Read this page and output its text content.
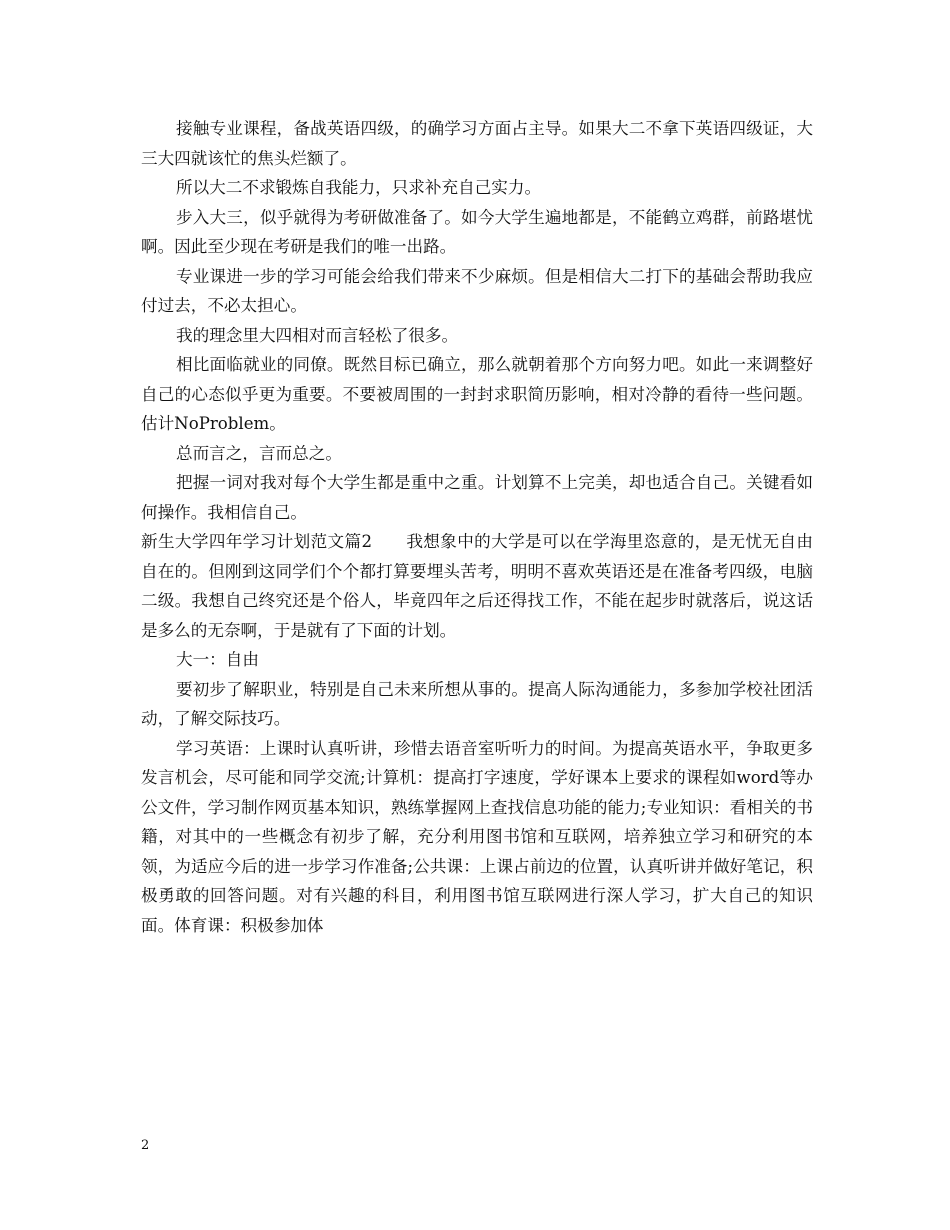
接触专业课程，备战英语四级，的确学习方面占主导。如果大二不拿下英语四级证，大三大四就该忙的焦头烂额了。

所以大二不求锻炼自我能力，只求补充自己实力。

步入大三，似乎就得为考研做准备了。如今大学生遍地都是，不能鹤立鸡群，前路堪忧啊。因此至少现在考研是我们的唯一出路。

专业课进一步的学习可能会给我们带来不少麻烦。但是相信大二打下的基础会帮助我应付过去，不必太担心。

我的理念里大四相对而言轻松了很多。

相比面临就业的同僚。既然目标已确立，那么就朝着那个方向努力吧。如此一来调整好自己的心态似乎更为重要。不要被周围的一封封求职简历影响，相对冷静的看待一些问题。估计NoProblem。

总而言之，言而总之。

把握一词对我对每个大学生都是重中之重。计划算不上完美，却也适合自己。关键看如何操作。我相信自己。

新生大学四年学习计划范文篇2　　我想象中的大学是可以在学海里恣意的，是无忧无自由自在的。但刚到这同学们个个都打算要埋头苦考，明明不喜欢英语还是在准备考四级，电脑二级。我想自己终究还是个俗人，毕竟四年之后还得找工作，不能在起步时就落后，说这话是多么的无奈啊，于是就有了下面的计划。

大一：自由

要初步了解职业，特别是自己未来所想从事的。提高人际沟通能力，多参加学校社团活动，了解交际技巧。

学习英语：上课时认真听讲，珍惜去语音室听听力的时间。为提高英语水平，争取更多发言机会，尽可能和同学交流;计算机：提高打字速度，学好课本上要求的课程如word等办公文件，学习制作网页基本知识，熟练掌握网上查找信息功能的能力;专业知识：看相关的书籍，对其中的一些概念有初步了解，充分利用图书馆和互联网，培养独立学习和研究的本领，为适应今后的进一步学习作准备;公共课：上课占前边的位置，认真听讲并做好笔记，积极勇敢的回答问题。对有兴趣的科目，利用图书馆互联网进行深人学习，扩大自己的知识面。体育课：积极参加体

2
